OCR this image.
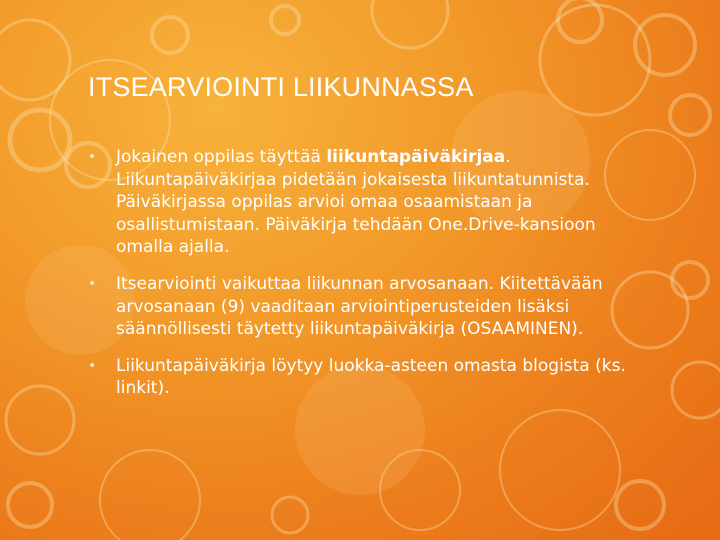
ITSEARVIOINTI LIIKUNNASSA
•	Jokainen oppilas täyttää liikuntapäiväkirjaa. Liikuntapäiväkirjaa pidetään jokaisesta liikuntatunnista. Päiväkirjassa oppilas arvioi omaa osaamistaan ja osallistumistaan. Päiväkirja tehdään One.Drive-kansioon omalla ajalla.
•	Itsearviointi vaikuttaa liikunnan arvosanaan. Kiitettävään arvosanaan (9) vaaditaan arviointiperusteiden lisäksi säännöllisesti täytetty liikuntapäiväkirja (OSAAMINEN).
•	Liikuntapäiväkirja löytyy luokka-asteen omasta blogista (ks. linkit).
